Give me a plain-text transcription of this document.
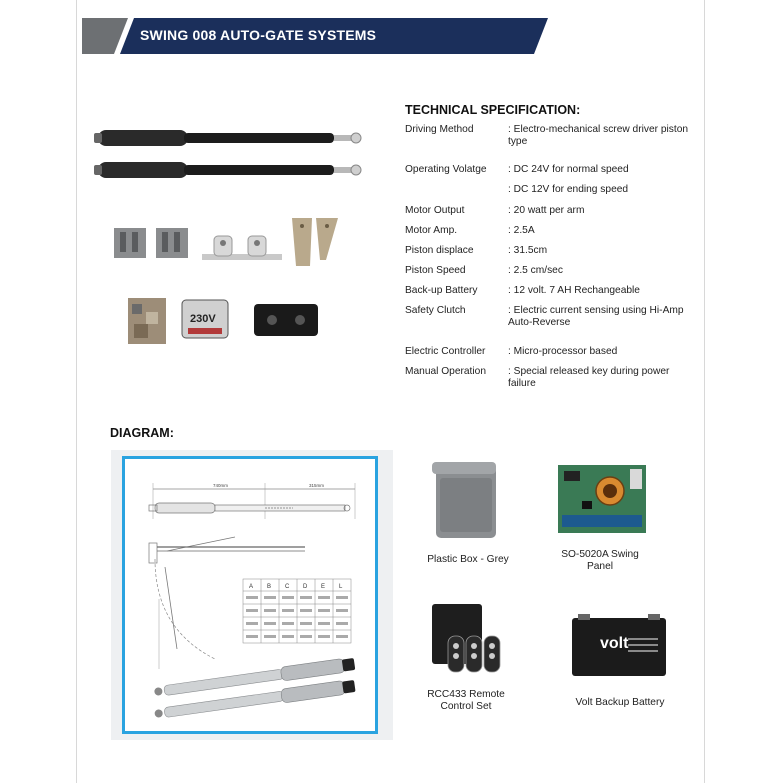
SWING 008 AUTO-GATE SYSTEMS
230V
TECHNICAL SPECIFICATION:
Driving Method	: Electro-mechanical screw driver piston type
Operating Volatge	: DC 24V for normal speed
: DC 12V for ending speed
Motor Output	: 20 watt per arm
Motor Amp.	: 2.5A
Piston displace	: 31.5cm
Piston Speed	: 2.5 cm/sec
Back-up Battery	: 12 volt. 7 AH Rechangeable
Safety Clutch	: Electric current sensing using Hi-Amp Auto-Reverse
Electric Controller	: Micro-processor based
Manual Operation	: Special released key during power failure
DIAGRAM:
740mm	315mm
A B C D E L
Plastic Box - Grey	SO-5020A Swing Panel
RCC433 Remote Control Set
volt
Volt Backup Battery
